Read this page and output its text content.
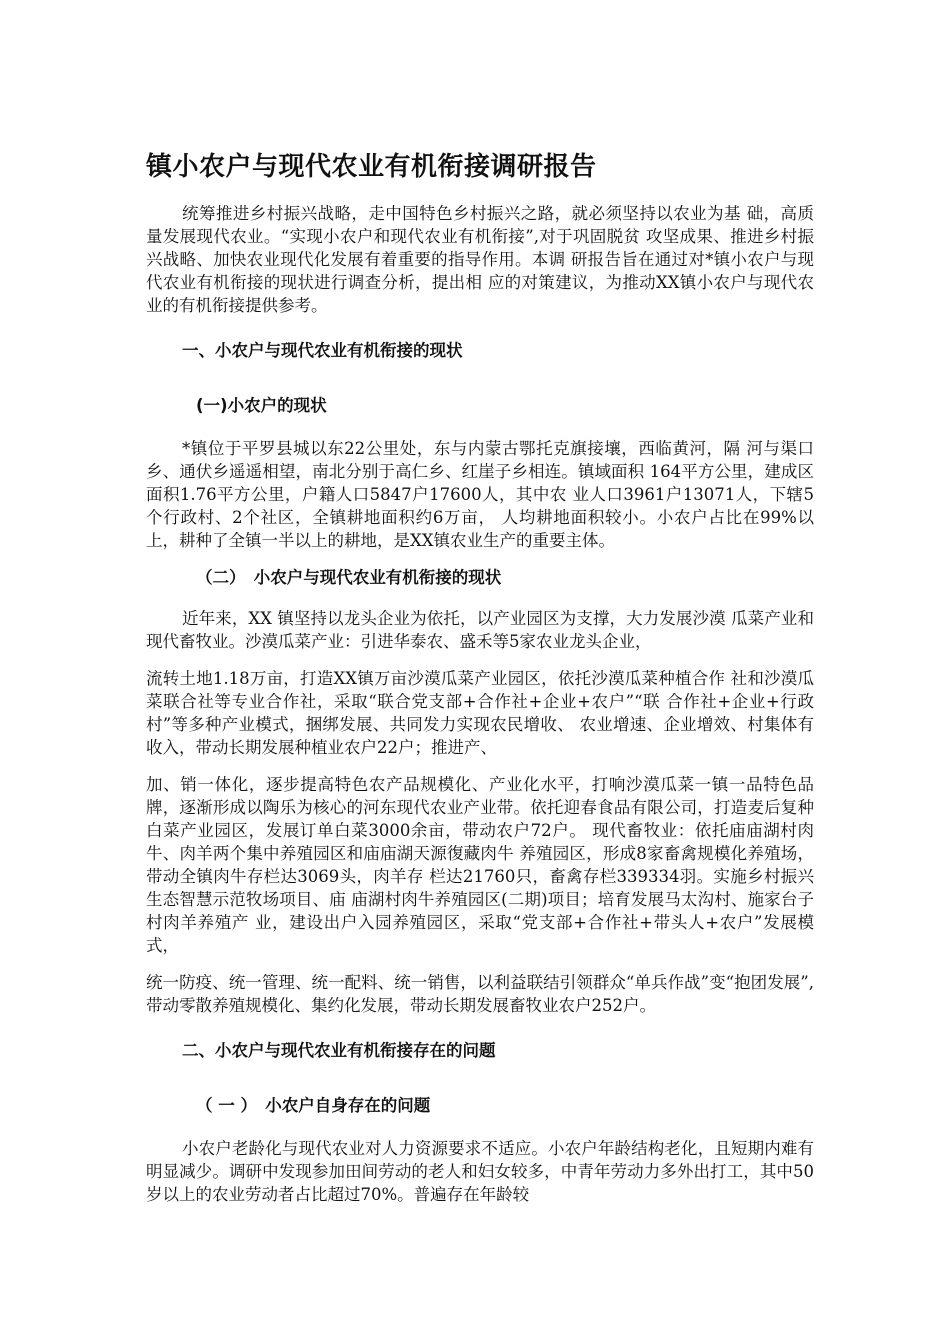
镇小农户与现代农业有机衔接调研报告

统筹推进乡村振兴战略，走中国特色乡村振兴之路，就必须坚持以农业为基 础，高质量发展现代农业。“实现小农户和现代农业有机衔接”,对于巩固脱贫 攻坚成果、推进乡村振兴战略、加快农业现代化发展有着重要的指导作用。本调 研报告旨在通过对*镇小农户与现代农业有机衔接的现状进行调查分析，提出相 应的对策建议，为推动XX镇小农户与现代农业的有机衔接提供参考。

一、小农户与现代农业有机衔接的现状
(一)小农户的现状

*镇位于平罗县城以东22公里处，东与内蒙古鄂托克旗接壤，西临黄河，隔 河与渠口乡、通伏乡遥遥相望，南北分别于高仁乡、红崖子乡相连。镇域面积 164平方公里，建成区面积1.76平方公里，户籍人口5847户17600人，其中农 业人口3961户13071人，下辖5个行政村、2个社区，全镇耕地面积约6万亩， 人均耕地面积较小。小农户占比在99%以上，耕种了全镇一半以上的耕地，是XX镇农业生产的重要主体。

（二）　小农户与现代农业有机衔接的现状

近年来，XX 镇坚持以龙头企业为依托，以产业园区为支撑，大力发展沙漠 瓜菜产业和现代畜牧业。沙漠瓜菜产业：引进华泰农、盛禾等5家农业龙头企业，

流转土地1.18万亩，打造XX镇万亩沙漠瓜菜产业园区，依托沙漠瓜菜种植合作 社和沙漠瓜菜联合社等专业合作社，采取“联合党支部+合作社+企业+农户”“联 合作社+企业+行政村”等多种产业模式，捆绑发展、共同发力实现农民增收、 农业增速、企业增效、村集体有收入，带动长期发展种植业农户22户；推进产、

加、销一体化，逐步提高特色农产品规模化、产业化水平，打响沙漠瓜菜一镇一品特色品牌，逐渐形成以陶乐为核心的河东现代农业产业带。依托迎春食品有限公司，打造麦后复种白菜产业园区，发展订单白菜3000余亩，带动农户72户。 现代畜牧业：依托庙庙湖村肉牛、肉羊两个集中养殖园区和庙庙湖天源復藏肉牛 养殖园区，形成8家畜禽规模化养殖场，带动全镇肉牛存栏达3069头，肉羊存 栏达21760只，畜禽存栏339334羽。实施乡村振兴生态智慧示范牧场项目、庙 庙湖村肉牛养殖园区(二期)项目；培育发展马太沟村、施家台子村肉羊养殖产 业，建设出户入园养殖园区，采取“党支部+合作社+带头人+农户”发展模式，

统一防疫、统一管理、统一配料、统一销售，以利益联结引领群众“单兵作战”变“抱团发展”,带动零散养殖规模化、集约化发展，带动长期发展畜牧业农户252户。

二、小农户与现代农业有机衔接存在的问题
（ 一 ）　小农户自身存在的问题

小农户老龄化与现代农业对人力资源要求不适应。小农户年龄结构老化，且短期内难有明显减少。调研中发现参加田间劳动的老人和妇女较多，中青年劳动力多外出打工，其中50 岁以上的农业劳动者占比超过70%。普遍存在年龄较
